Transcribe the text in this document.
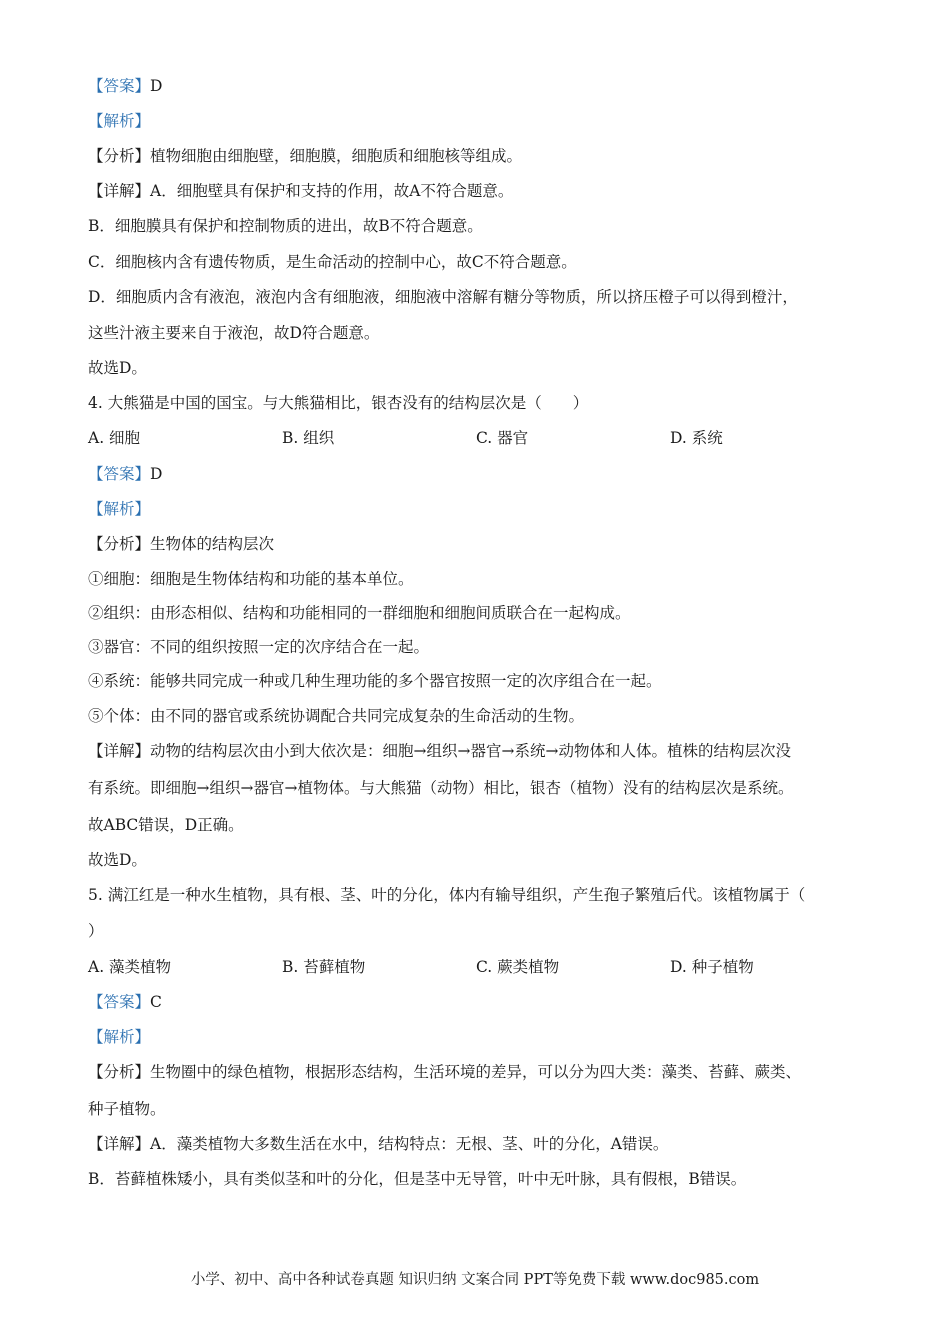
【答案】D
【解析】
【分析】植物细胞由细胞壁，细胞膜，细胞质和细胞核等组成。
【详解】A．细胞壁具有保护和支持的作用，故A不符合题意。
B．细胞膜具有保护和控制物质的进出，故B不符合题意。
C．细胞核内含有遗传物质，是生命活动的控制中心，故C不符合题意。
D．细胞质内含有液泡，液泡内含有细胞液，细胞液中溶解有糖分等物质，所以挤压橙子可以得到橙汁，
这些汁液主要来自于液泡，故D符合题意。
故选D。
4. 大熊猫是中国的国宝。与大熊猫相比，银杏没有的结构层次是（　　）
A. 细胞	B. 组织	C. 器官	D. 系统
【答案】D
【解析】
【分析】生物体的结构层次
①细胞：细胞是生物体结构和功能的基本单位。
②组织：由形态相似、结构和功能相同的一群细胞和细胞间质联合在一起构成。
③器官：不同的组织按照一定的次序结合在一起。
④系统：能够共同完成一种或几种生理功能的多个器官按照一定的次序组合在一起。
⑤个体：由不同的器官或系统协调配合共同完成复杂的生命活动的生物。
【详解】动物的结构层次由小到大依次是：细胞→组织→器官→系统→动物体和人体。植株的结构层次没
有系统。即细胞→组织→器官→植物体。与大熊猫（动物）相比，银杏（植物）没有的结构层次是系统。
故ABC错误，D正确。
故选D。
5. 满江红是一种水生植物，具有根、茎、叶的分化，体内有输导组织，产生孢子繁殖后代。该植物属于（
）
A. 藻类植物	B. 苔藓植物	C. 蕨类植物	D. 种子植物
【答案】C
【解析】
【分析】生物圈中的绿色植物，根据形态结构，生活环境的差异，可以分为四大类：藻类、苔藓、蕨类、
种子植物。
【详解】A．藻类植物大多数生活在水中，结构特点：无根、茎、叶的分化，A错误。
B．苔藓植株矮小，具有类似茎和叶的分化，但是茎中无导管，叶中无叶脉，具有假根，B错误。
小学、初中、高中各种试卷真题 知识归纳 文案合同 PPT等免费下载 www.doc985.com
